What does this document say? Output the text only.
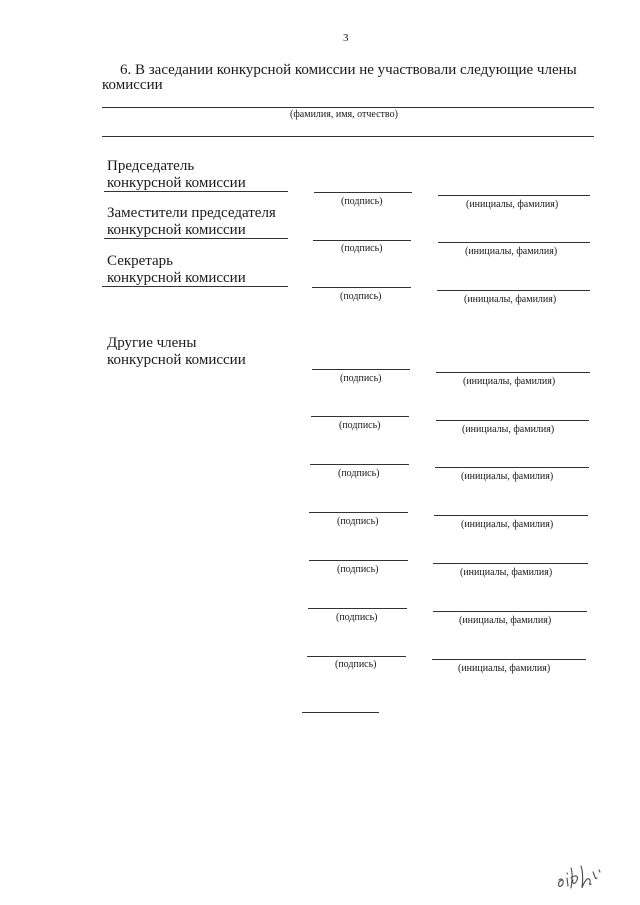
3
6. В заседании конкурсной комиссии не участвовали следующие члены
комиссии
(фамилия, имя, отчество)
Председатель
конкурсной комиссии
(подпись)	(инициалы, фамилия)
Заместители председателя
конкурсной комиссии
(подпись)	(инициалы, фамилия)
Секретарь
конкурсной комиссии
(подпись)	(инициалы, фамилия)
Другие члены
конкурсной комиссии
(подпись)	(инициалы, фамилия)
(подпись)	(инициалы, фамилия)
(подпись)	(инициалы, фамилия)
(подпись)	(инициалы, фамилия)
(подпись)	(инициалы, фамилия)
(подпись)	(инициалы, фамилия)
(подпись)	(инициалы, фамилия)
